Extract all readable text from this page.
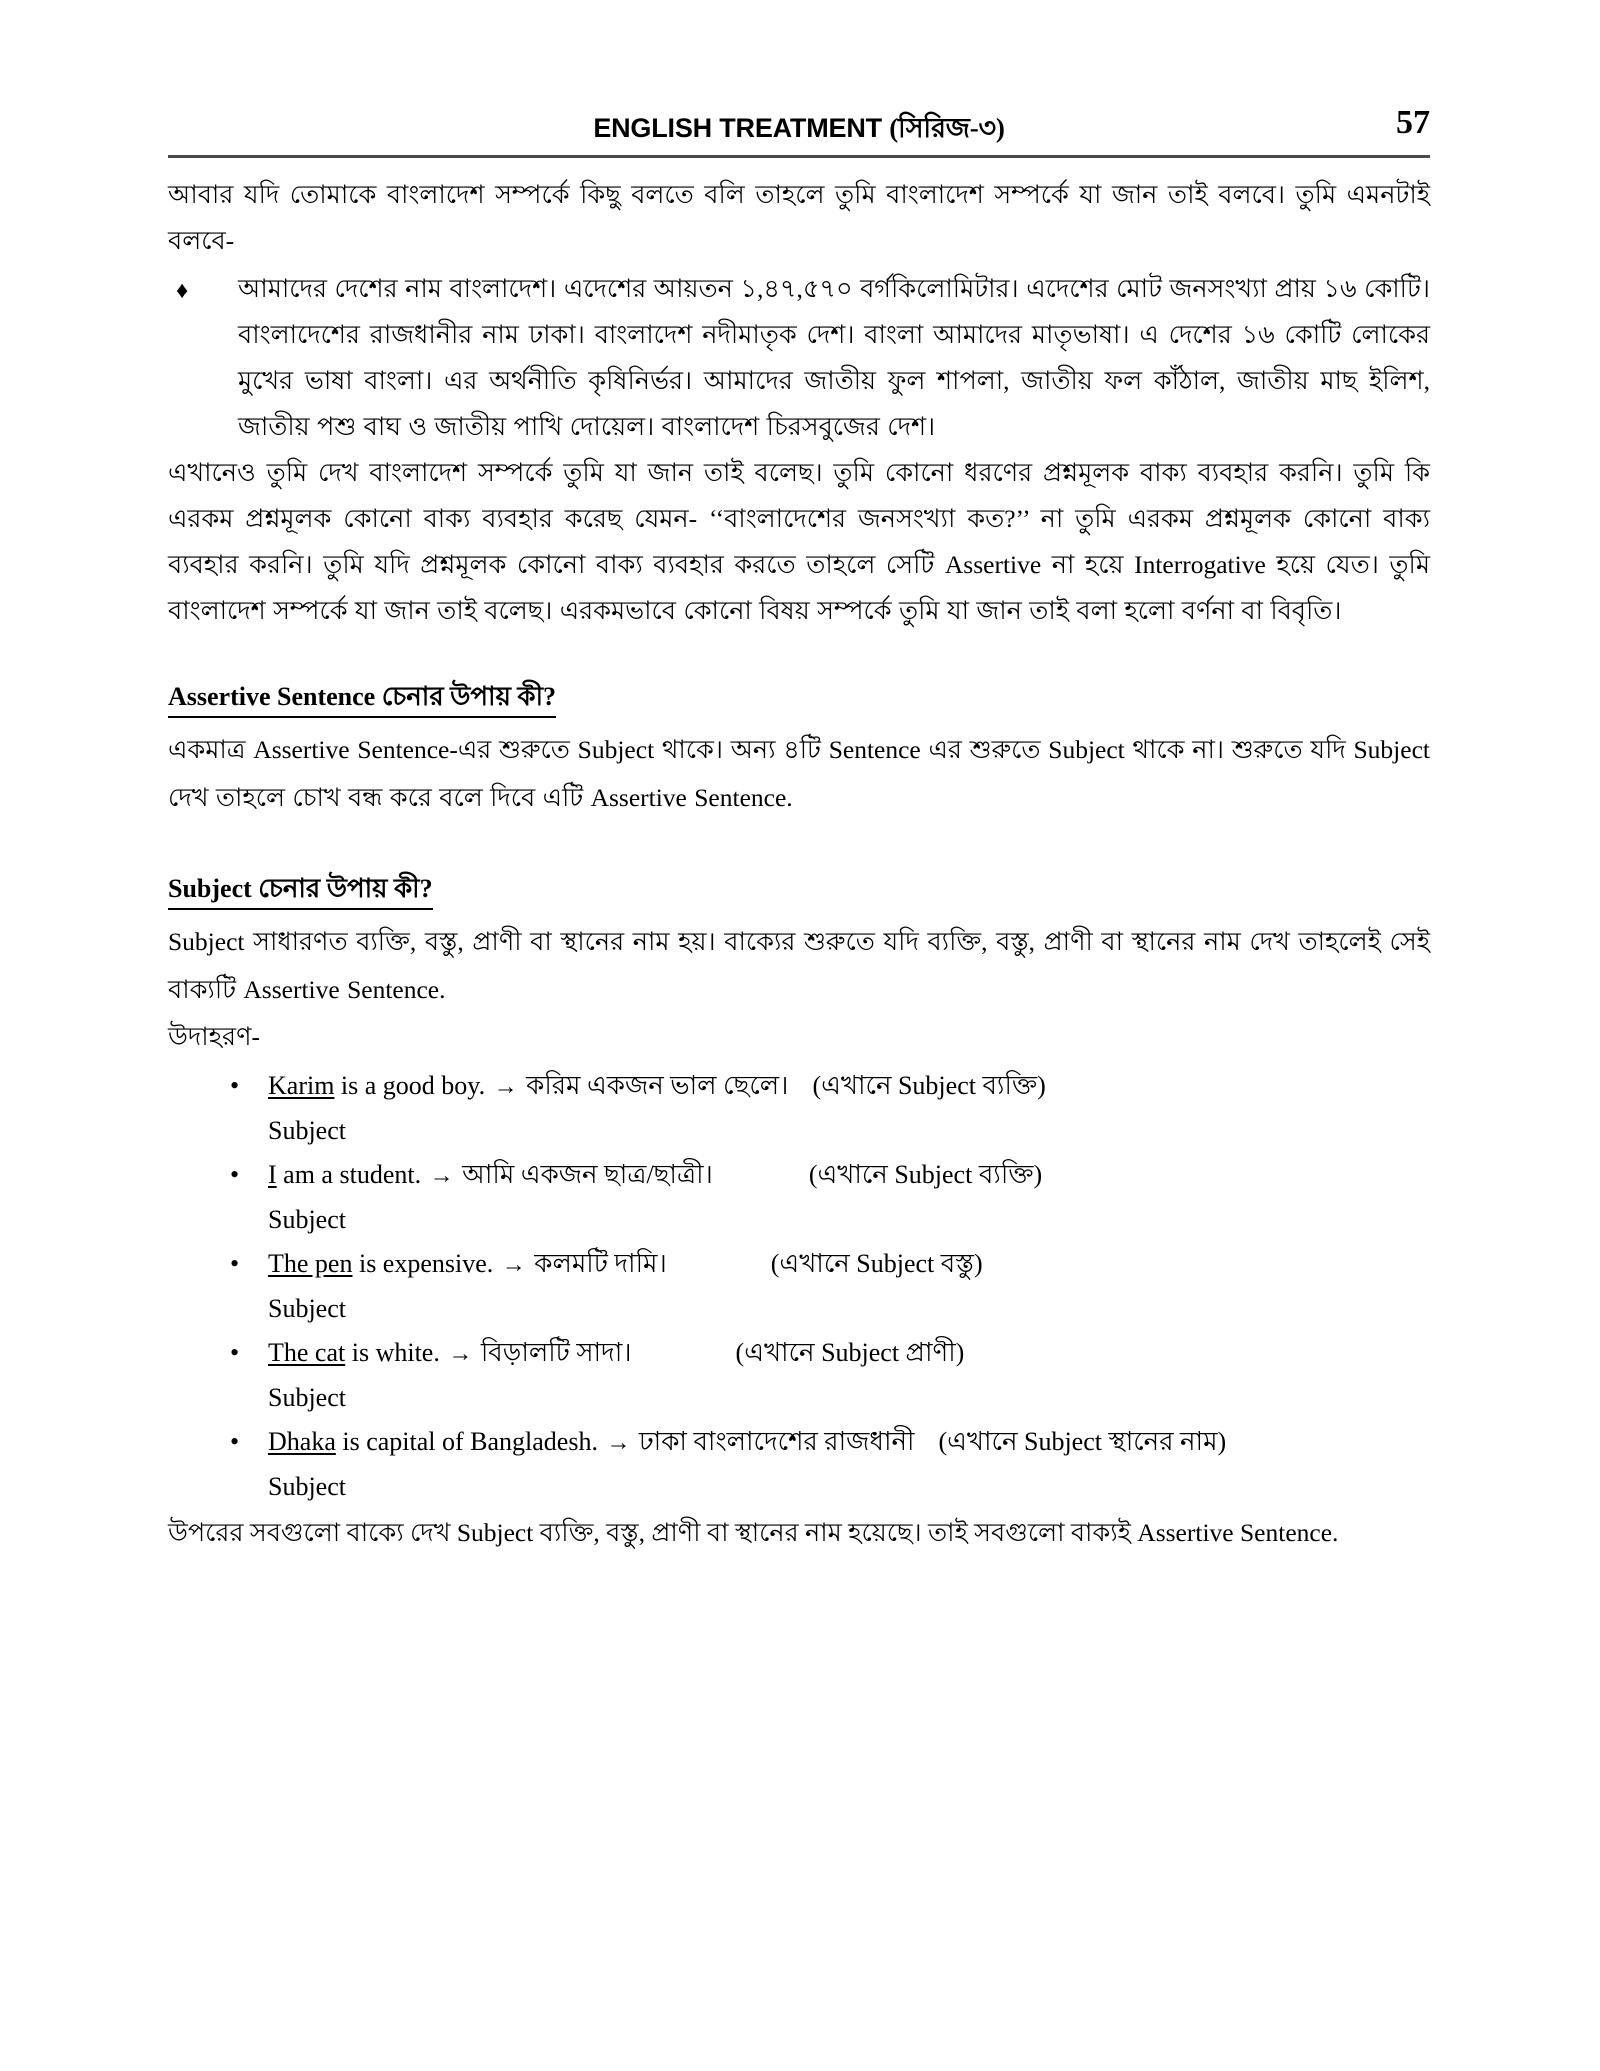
ENGLISH TREATMENT (সিরিজ-৩)	57

আবার যদি তোমাকে বাংলাদেশ সম্পর্কে কিছু বলতে বলি তাহলে তুমি বাংলাদেশ সম্পর্কে যা জান তাই বলবে। তুমি এমনটাই বলবে-

♦ আমাদের দেশের নাম বাংলাদেশ। এদেশের আয়তন ১,৪৭,৫৭০ বর্গকিলোমিটার। এদেশের মোট জনসংখ্যা প্রায় ১৬ কোটি। বাংলাদেশের রাজধানীর নাম ঢাকা। বাংলাদেশ নদীমাতৃক দেশ। বাংলা আমাদের মাতৃভাষা। এ দেশের ১৬ কোটি লোকের মুখের ভাষা বাংলা। এর অর্থনীতি কৃষিনির্ভর। আমাদের জাতীয় ফুল শাপলা, জাতীয় ফল কাঁঠাল, জাতীয় মাছ ইলিশ, জাতীয় পশু বাঘ ও জাতীয় পাখি দোয়েল। বাংলাদেশ চিরসবুজের দেশ।

এখানেও তুমি দেখ বাংলাদেশ সম্পর্কে তুমি যা জান তাই বলেছ। তুমি কোনো ধরণের প্রশ্নমূলক বাক্য ব্যবহার করনি। তুমি কি এরকম প্রশ্নমূলক কোনো বাক্য ব্যবহার করেছ যেমন- ‘‘বাংলাদেশের জনসংখ্যা কত?’’ না তুমি এরকম প্রশ্নমূলক কোনো বাক্য ব্যবহার করনি। তুমি যদি প্রশ্নমূলক কোনো বাক্য ব্যবহার করতে তাহলে সেটি Assertive না হয়ে Interrogative হয়ে যেত। তুমি বাংলাদেশ সম্পর্কে যা জান তাই বলেছ। এরকমভাবে কোনো বিষয় সম্পর্কে তুমি যা জান তাই বলা হলো বর্ণনা বা বিবৃতি।

Assertive Sentence চেনার উপায় কী?

একমাত্র Assertive Sentence-এর শুরুতে Subject থাকে। অন্য ৪টি Sentence এর শুরুতে Subject থাকে না। শুরুতে যদি Subject দেখ তাহলে চোখ বন্ধ করে বলে দিবে এটি Assertive Sentence.

Subject চেনার উপায় কী?

Subject সাধারণত ব্যক্তি, বস্তু, প্রাণী বা স্থানের নাম হয়। বাক্যের শুরুতে যদি ব্যক্তি, বস্তু, প্রাণী বা স্থানের নাম দেখ তাহলেই সেই বাক্যটি Assertive Sentence.

উদাহরণ-

• Karim is a good boy. → করিম একজন ভাল ছেলে। (এখানে Subject ব্যক্তি)
Subject
• I am a student. → আমি একজন ছাত্র/ছাত্রী।	(এখানে Subject ব্যক্তি)
Subject
• The pen is expensive. → কলমটি দামি।	(এখানে Subject বস্তু)
Subject
• The cat is white. → বিড়ালটি সাদা।	(এখানে Subject প্রাণী)
Subject
• Dhaka is capital of Bangladesh. → ঢাকা বাংলাদেশের রাজধানী (এখানে Subject স্থানের নাম)
Subject

উপরের সবগুলো বাক্যে দেখ Subject ব্যক্তি, বস্তু, প্রাণী বা স্থানের নাম হয়েছে। তাই সবগুলো বাক্যই Assertive Sentence.
